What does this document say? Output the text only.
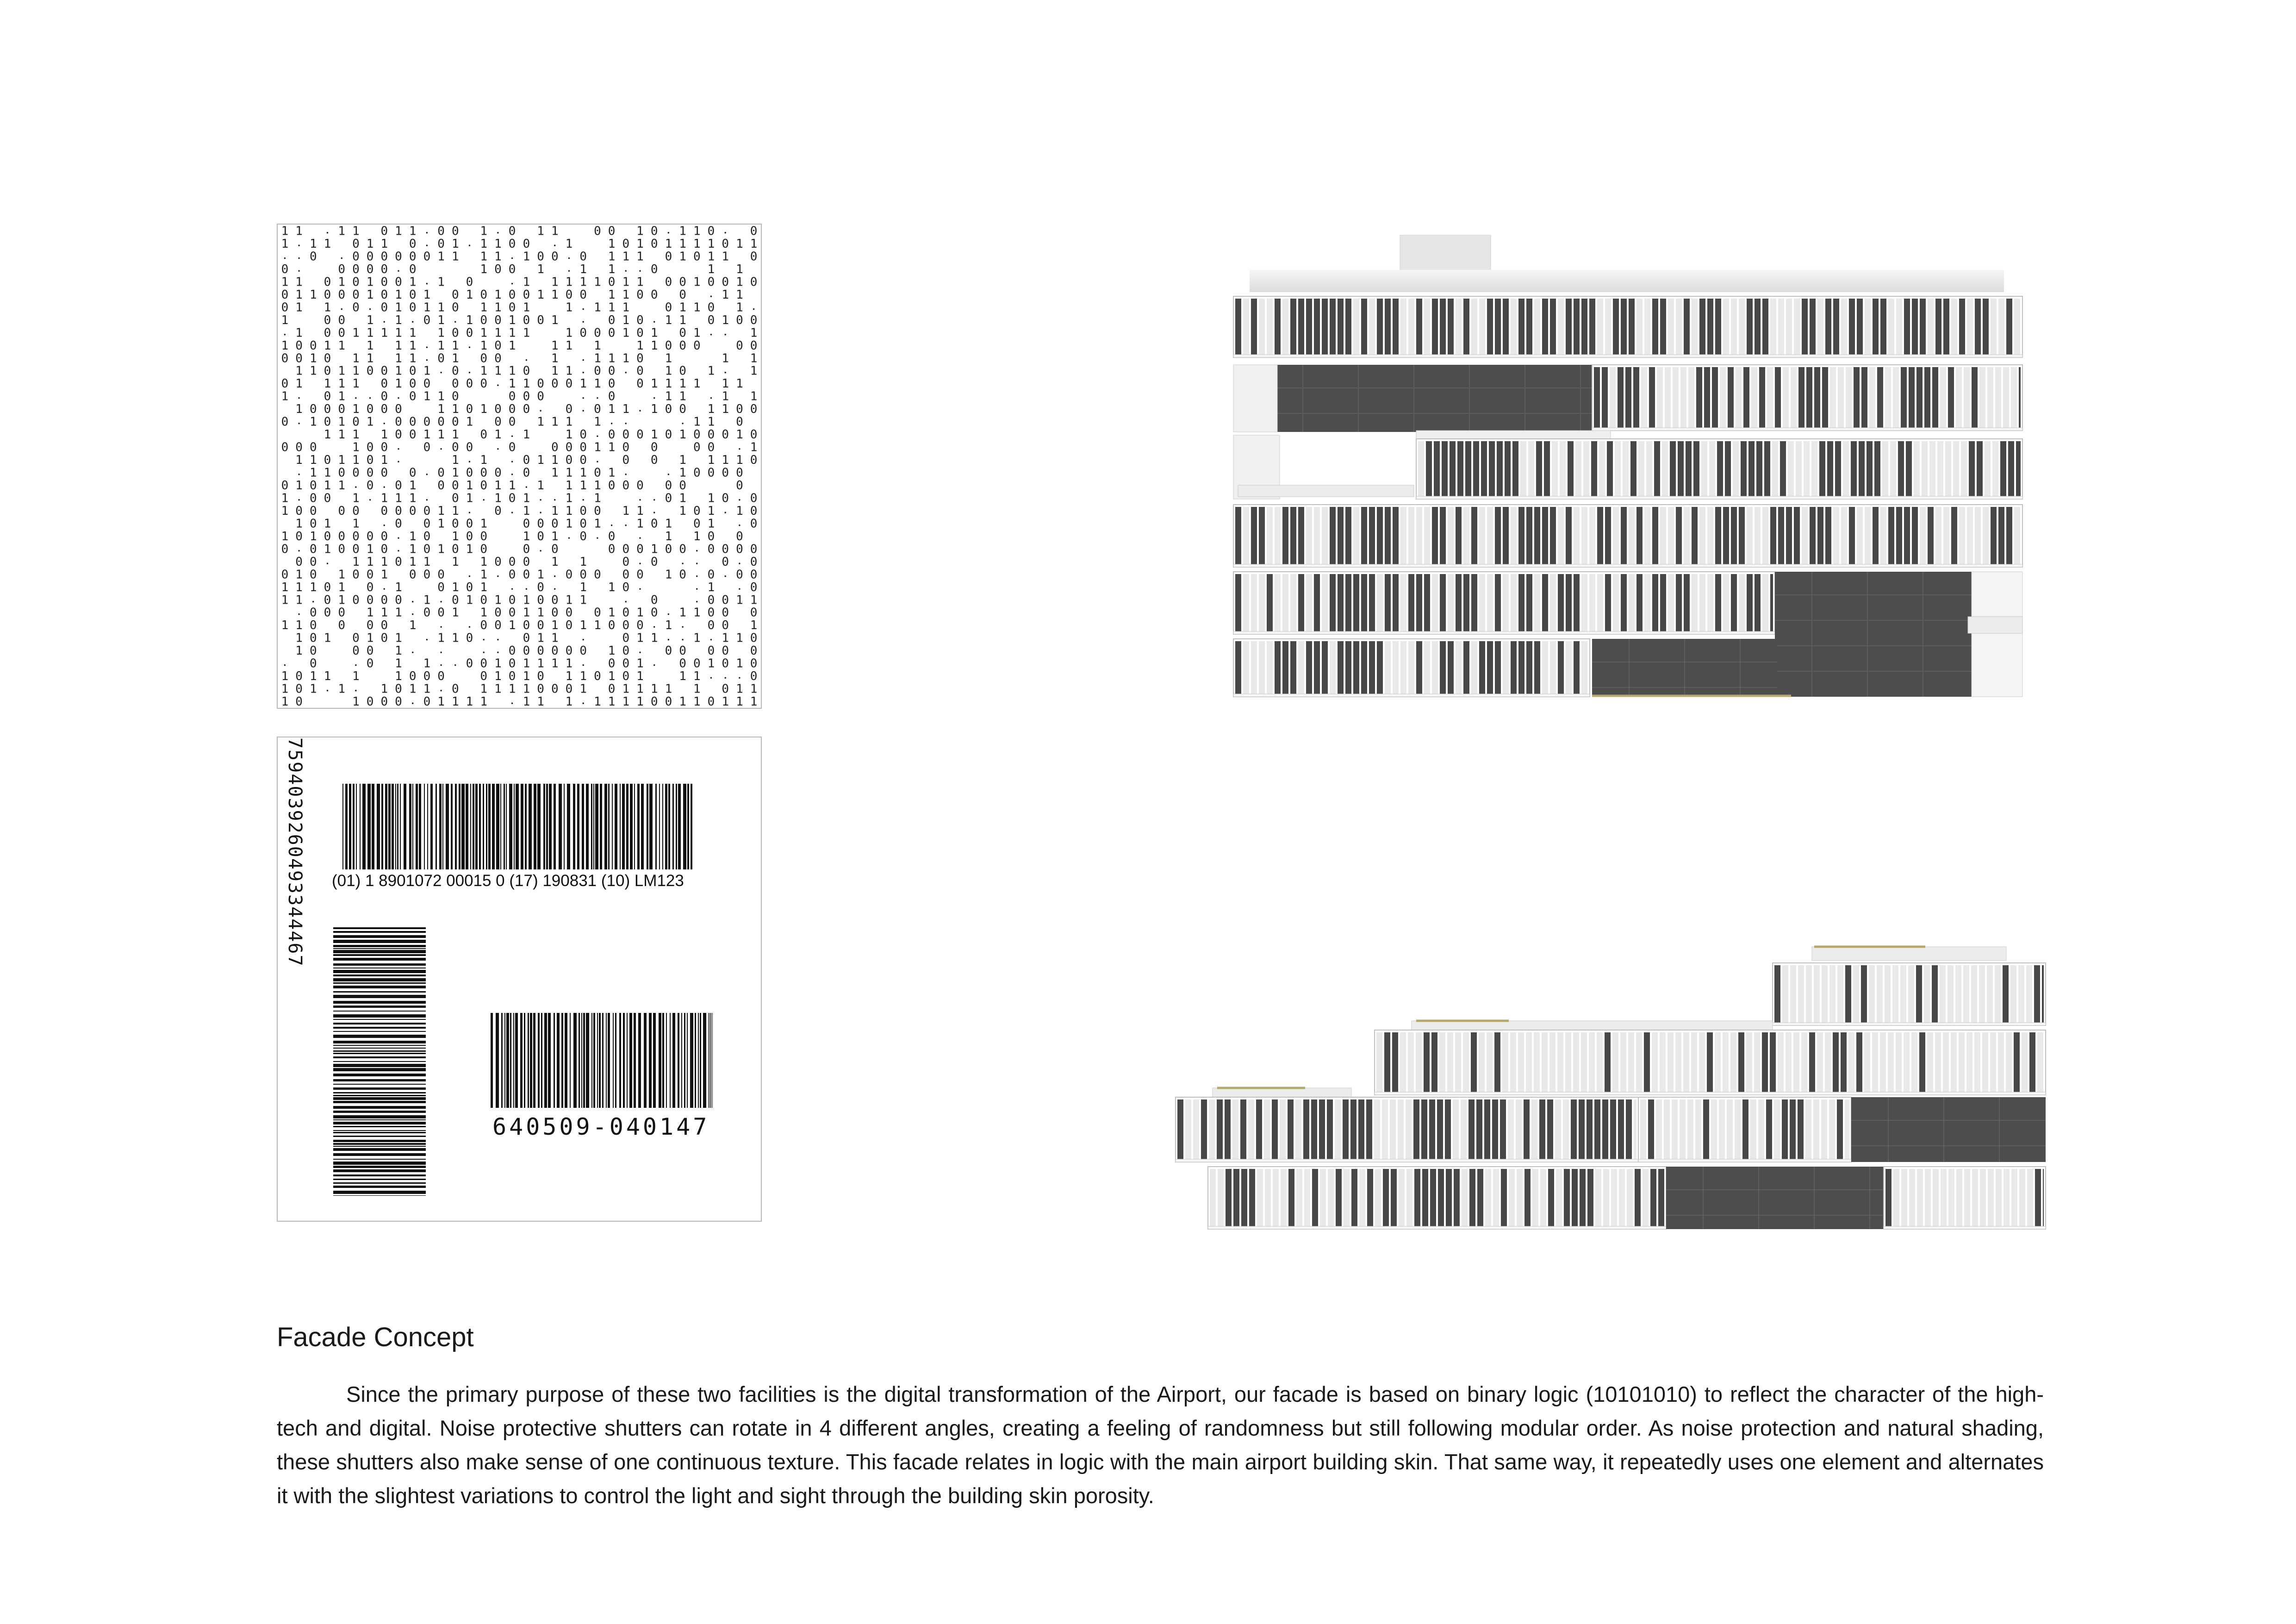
1 1	• 1 1 0 1 1 • 0 0 1 • 0 1 1	0 0 1 0 • 1 1 0 • 0
1 • 1 1 0 1 1 0 • 0 1 • 1 1 0 0	• 1	1 0 1 0 1 1 1 1 0 1 1
• • 0	• 0 0 0 0 0 0 1 1 1 1 • 1 0 0 • 0 1 1 1 0 1 0 1 1 0
0 •	0 0 0 0 • 0	1 0 0 1	• 1 1 • • 0	1 1
1 1 0 1 0 1 0 0 1 • 1 0	• 1 1 1 1 1 0 1 1 0 0 1 0 0 1 0
0 1 1 0 0 0 1 0 1 0 1 0 1 0 1 0 0 1 1 0 0 1 1 0 0 0	• 1 1
0 1 1 • 0 • 0 1 0 1 1 0 1 1 0 1	1 • 1 1 1	0 1 1 0 1 •
1	0 0 1 • 1 • 0 1 • 1 0 0 1 0 0 1	• 0 1 0 • 1 1 0 1 0 0
• 1 0 0 1 1 1 1 1 1 0 0 1 1 1 1	1 0 0 0 1 0 1 0 1 • • 1
1 0 0 1 1 1 1 1 • 1 1 • 1 0 1	1 1 1	1 1 0 0 0	0 0
0 0 1 0 1 1 1 1 • 0 1 0 0	• 1	• 1 1 1 0 1	1 1
1 1 0 1 1 0 0 1 0 1 • 0 • 1 1 1 0 1 1 • 0 0 • 0 1 0 1 • 1
0 1 1 1 1 0 1 0 0 0 0 0 • 1 1 0 0 0 1 1 0 0 1 1 1 1 1 1
1 • 0 1 • • 0 • 0 1 1 0	0 0 0	• • 0	• 1 1	• 1 1
1 0 0 0 1 0 0 0	1 1 0 1 0 0 0 • 0 • 0 1 1 • 1 0 0 1 1 0 0
0 • 1 0 1 0 1 • 0 0 0 0 0 1 0 0 1 1 1 1 • •	• 1 1 0
1 1 1 1 0 0 1 1 1 0 1 • 1	1 0 • 0 0 0 1 0 1 0 0 0 1 0
0 0 0	1 0 0 • 0 • 0 0	• 0	0 0 0 1 1 0 0	0 0	• 1
1 1 0 1 1 0 1 •	1 • 1	• 0 1 1 0 0 • 0 0 1 1 1 1 0
• 1 1 0 0 0 0 0 • 0 1 0 0 0 • 0 1 1 1 0 1 •	• 1 0 0 0 0
0 1 0 1 1 • 0 • 0 1 0 0 1 0 1 1 • 1 1 1 1 0 0 0 0 0	0
1 • 0 0 1 • 1 1 1 • 0 1 • 1 0 1 • • 1 • 1	• • 0 1 1 0 • 0
1 0 0 0 0 0 0 0 0 1 1 • 0 • 1 • 1 1 0 0 1 1 • 1 0 1 • 1 0
1 0 1 1	• 0 0 1 0 0 1	0 0 0 1 0 1 • • 1 0 1 0 1	• 0
1 0 1 0 0 0 0 0 • 1 0 1 0 0	1 0 1 • 0 • 0	• 1 1 0 0
0 • 0 1 0 0 1 0 • 1 0 1 0 1 0	0 • 0	0 0 0 1 0 0 • 0 0 0 0
0 0 • 1 1 1 0 1 1 1 1 0 0 0 1 1	0 • 0	• • 0 • 0
0 1 0 1 0 0 1 0 0 0	• 1 • 0 0 1 • 0 0 0 0 0 1 0 • 0 • 0 0
1 1 1 0 1 0 • 1	0 1 0 1	• • 0 • 1 1 0 •	• 1	• 0
1 1 • 0 1 0 0 0 0 • 1 • 0 1 0 1 0 1 0 0 1 1	• 0	• 0 0 1 1
• 0 0 0 1 1 1 • 0 0 1 1 0 0 1 1 0 0 0 1 0 1 0 • 1 1 0 0 0
1 1 0 0 0 0 1	•	• 0 0 1 0 0 1 0 1 1 0 0 0 • 1 • 0 0 1
1 0 1 0 1 0 1	• 1 1 0 • • 0 1 1	•	0 1 1 • • 1 • 1 1 0
1 0	0 0 1 •	•	• • 0 0 0 0 0 0 1 0 • 0 0 0 0 0
• 0	• 0 1 1 • • 0 0 1 0 1 1 1 1 • 0 0 1 • 0 0 1 0 1 0
1 0 1 1 1	1 0 0 0	0 1 0 1 0 1 1 0 1 0 1	1 1 • • • 0
1 0 1 • 1 • 1 0 1 1 • 0 1 1 1 1 0 0 0 1 0 1 1 1 1 1 0 1 1
1 0	1 0 0 0 • 0 1 1 1 1	• 1 1 1 • 1 1 1 1 0 0 1 1 0 1 1 1
(01) 1 8901072 00015 0 (17) 190831 (10) LM123
7594039260493344467
640509-040147
Facade Concept

Since the primary purpose of these two facilities is the digital transformation of the Airport, our facade is based on binary logic (10101010) to reflect the character of the high-tech and digital. Noise protective shutters can rotate in 4 different angles, creating a feeling of randomness but still following modular order. As noise protection and natural shading, these shutters also make sense of one continuous texture. This facade relates in logic with the main airport building skin. That same way, it repeatedly uses one element and alternates it with the slightest variations to control the light and sight through the building skin porosity.
